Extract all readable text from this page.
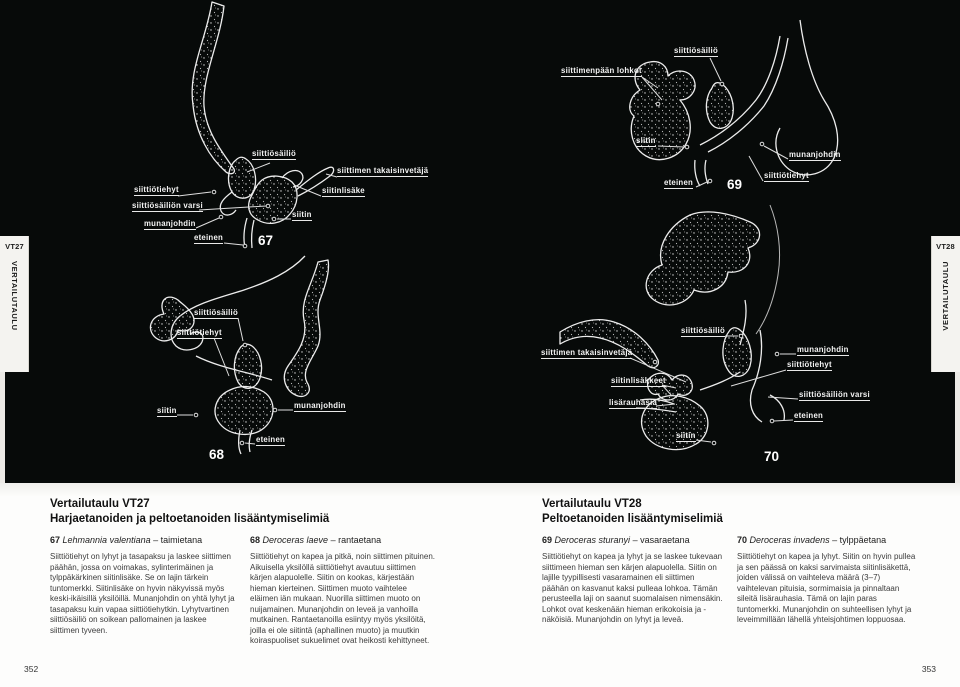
67
siittiösäiliö
siittimen takaisinvetäjä
siittiötiehyt	siitinlisäke
siittiösäiliön varsi
siitin
munanjohdin
eteinen
69
siittiösäiliö
siittimenpään lohkot
siitin
munanjohdin
siittiötiehyt
eteinen
68
siittiösäiliö
siittiötiehyt
siitin
munanjohdin
eteinen
70
siittiösäiliö
munanjohdin
siittimen takaisinvetäjä
siittiötiehyt
siitinlisäkkeet
siittiösäiliön varsi
lisärauhasia
eteinen
siitin
VT27
VERTAILUTAULU
VT28
VERTAILUTAULU
Vertailutaulu VT27
Harjaetanoiden ja peltoetanoiden lisääntymiselimiä
67 Lehmannia valentiana – taimietana

Siittiötiehyt on lyhyt ja tasapaksu ja laskee siittimen päähän, jossa on voimakas, sylinterimäinen ja tylppäkärkinen siitinlisäke. Se on lajin tärkein tuntomerkki. Siitinlisäke on hyvin näkyvissä myös keski-ikäisillä yksilöillä. Munanjohdin on yhtä lyhyt ja tasapaksu kuin vapaa siittiötiehytkin. Lyhytvartinen siittiösäiliö on soikean pallomainen ja laskee siittimen tyveen.

68 Deroceras laeve – rantaetana

Siittiötiehyt on kapea ja pitkä, noin siittimen pituinen. Aikuisella yksilöllä siittiötiehyt avautuu siittimen kärjen alapuolelle. Siitin on kookas, kärjestään hieman kierteinen. Siittimen muoto vaihtelee eläimen iän mukaan. Nuorilla siittimen muoto on nuijamainen. Munanjohdin on leveä ja vanhoilla mutkainen. Rantaetanoilla esiintyy myös yksilöitä, joilla ei ole siitintä (aphallinen muoto) ja muutkin koiraspuoliset sukuelimet ovat heikosti kehittyneet.

Vertailutaulu VT28
Peltoetanoiden lisääntymiselimiä
69 Deroceras sturanyi – vasaraetana

Siittiötiehyt on kapea ja lyhyt ja se laskee tukevaan siittimeen hieman sen kärjen alapuolella. Siitin on lajille tyypillisesti vasaramainen eli siittimen päähän on kasvanut kaksi pulleaa lohkoa. Tämän perusteella laji on saanut suomalaisen nimensäkin. Lohkot ovat keskenään hieman erikokoisia ja -näköisiä. Munanjohdin on lyhyt ja leveä.

70 Deroceras invadens – tylppäetana

Siittiötiehyt on kapea ja lyhyt. Siitin on hyvin pullea ja sen päässä on kaksi sarvimaista siitinlisäkettä, joiden välissä on vaihteleva määrä (3–7) vaihtelevan pituisia, sormimaisia ja pinnaltaan sileitä lisärauhasia. Tämä on lajin paras tuntomerkki. Munanjohdin on suhteellisen lyhyt ja leveimmillään lähellä yhteisjohtimen loppuosaa.

352	353
